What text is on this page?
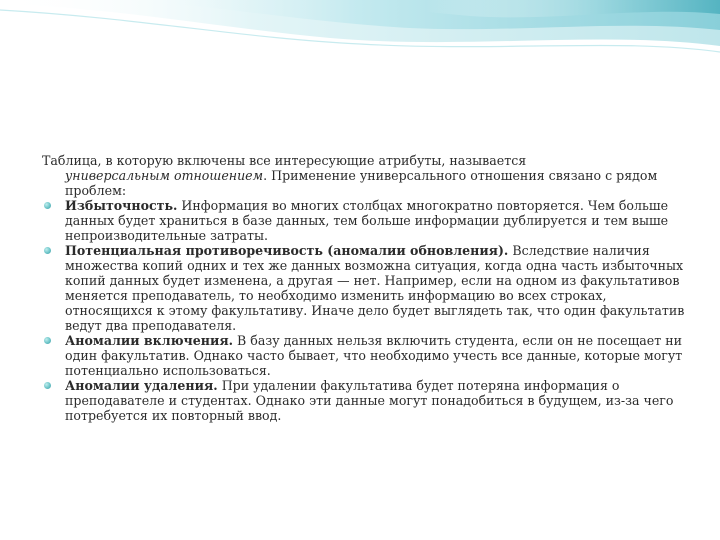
Таблица, в которую включены все интересующие атрибуты, называется
универсальным отношением. Применение универсального отношения связано с рядом проблем:

Избыточность. Информация во многих столбцах многократно повторяется. Чем больше данных будет храниться в базе данных, тем больше информации дублируется и тем выше непроизводительные затраты.
Потенциальная противоречивость (аномалии обновления). Вследствие наличия множества копий одних и тех же данных возможна ситуация, когда одна часть избыточных копий данных будет изменена, а другая — нет. Например, если на одном из факультативов меняется преподаватель, то необходимо изменить информацию во всех строках, относящихся к этому факультативу. Иначе дело будет выглядеть так, что один факультатив ведут два преподавателя.
Аномалии включения. В базу данных нельзя включить студента, если он не посещает ни один факультатив. Однако часто бывает, что необходимо учесть все данные, которые могут потенциально использоваться.
Аномалии удаления. При удалении факультатива будет потеряна информация о преподавателе и студентах. Однако эти данные могут понадобиться в будущем, из-за чего потребуется их повторный ввод.
